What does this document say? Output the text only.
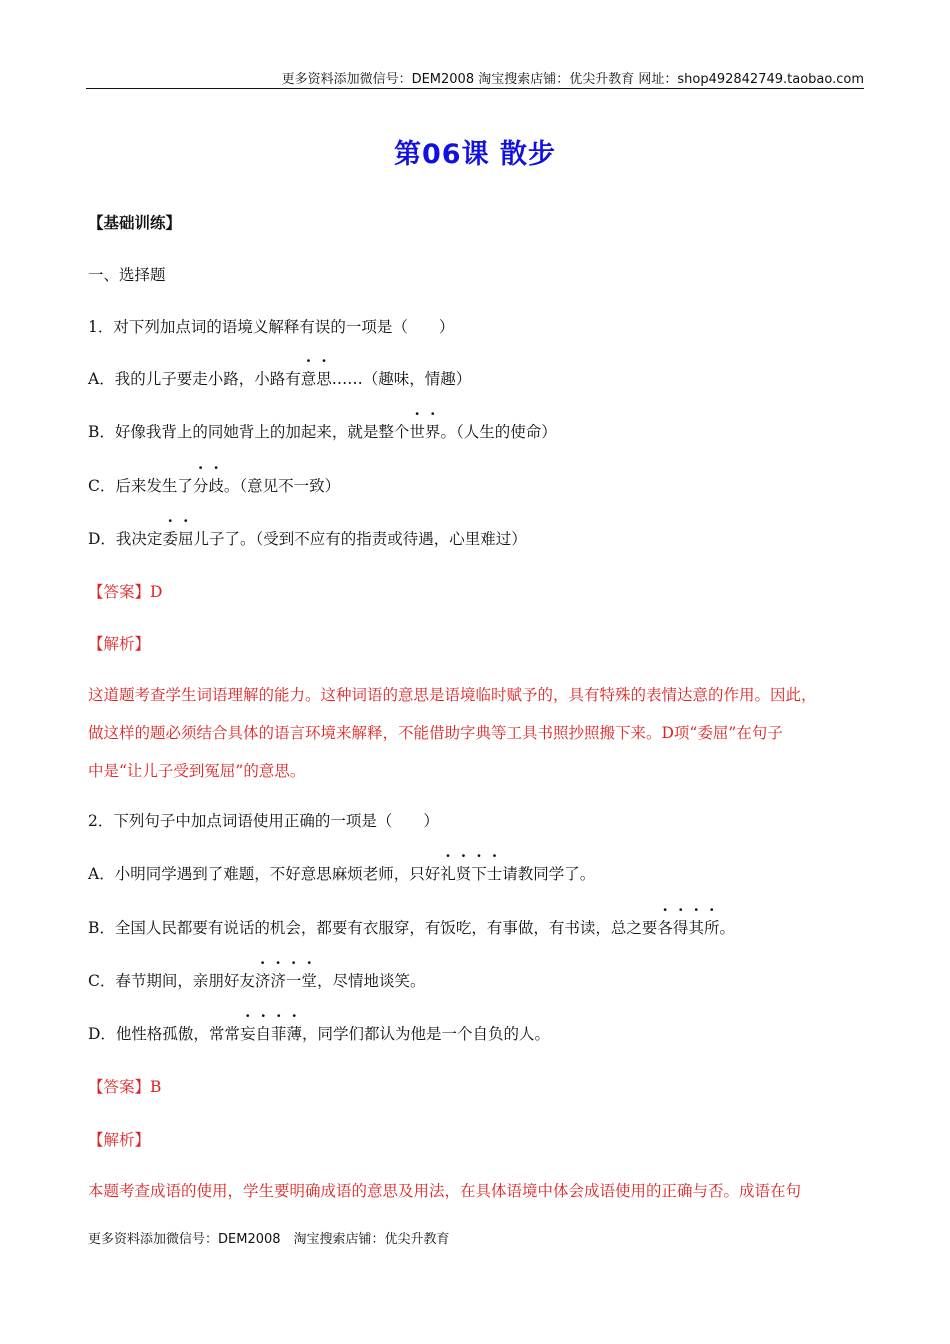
更多资料添加微信号：DEM2008 淘宝搜索店铺：优尖升教育 网址：shop492842749.taobao.com
第06课 散步
【基础训练】
一、选择题
1．对下列加点词的语境义解释有误的一项是（　　）
A．我的儿子要走小路，小路有意思……（趣味，情趣）
B．好像我背上的同她背上的加起来，就是整个世界。（人生的使命）
C．后来发生了分歧。（意见不一致）
D．我决定委屈儿子了。（受到不应有的指责或待遇，心里难过）
【答案】D
【解析】
这道题考查学生词语理解的能力。这种词语的意思是语境临时赋予的，具有特殊的表情达意的作用。因此，
做这样的题必须结合具体的语言环境来解释，不能借助字典等工具书照抄照搬下来。D项“委屈”在句子
中是“让儿子受到冤屈”的意思。
2．下列句子中加点词语使用正确的一项是（　　）
A．小明同学遇到了难题，不好意思麻烦老师，只好礼贤下士请教同学了。
B．全国人民都要有说话的机会，都要有衣服穿，有饭吃，有事做，有书读，总之要各得其所。
C．春节期间，亲朋好友济济一堂，尽情地谈笑。
D．他性格孤傲，常常妄自菲薄，同学们都认为他是一个自负的人。
【答案】B
【解析】
本题考查成语的使用，学生要明确成语的意思及用法，在具体语境中体会成语使用的正确与否。成语在句
更多资料添加微信号：DEM2008　淘宝搜索店铺：优尖升教育
